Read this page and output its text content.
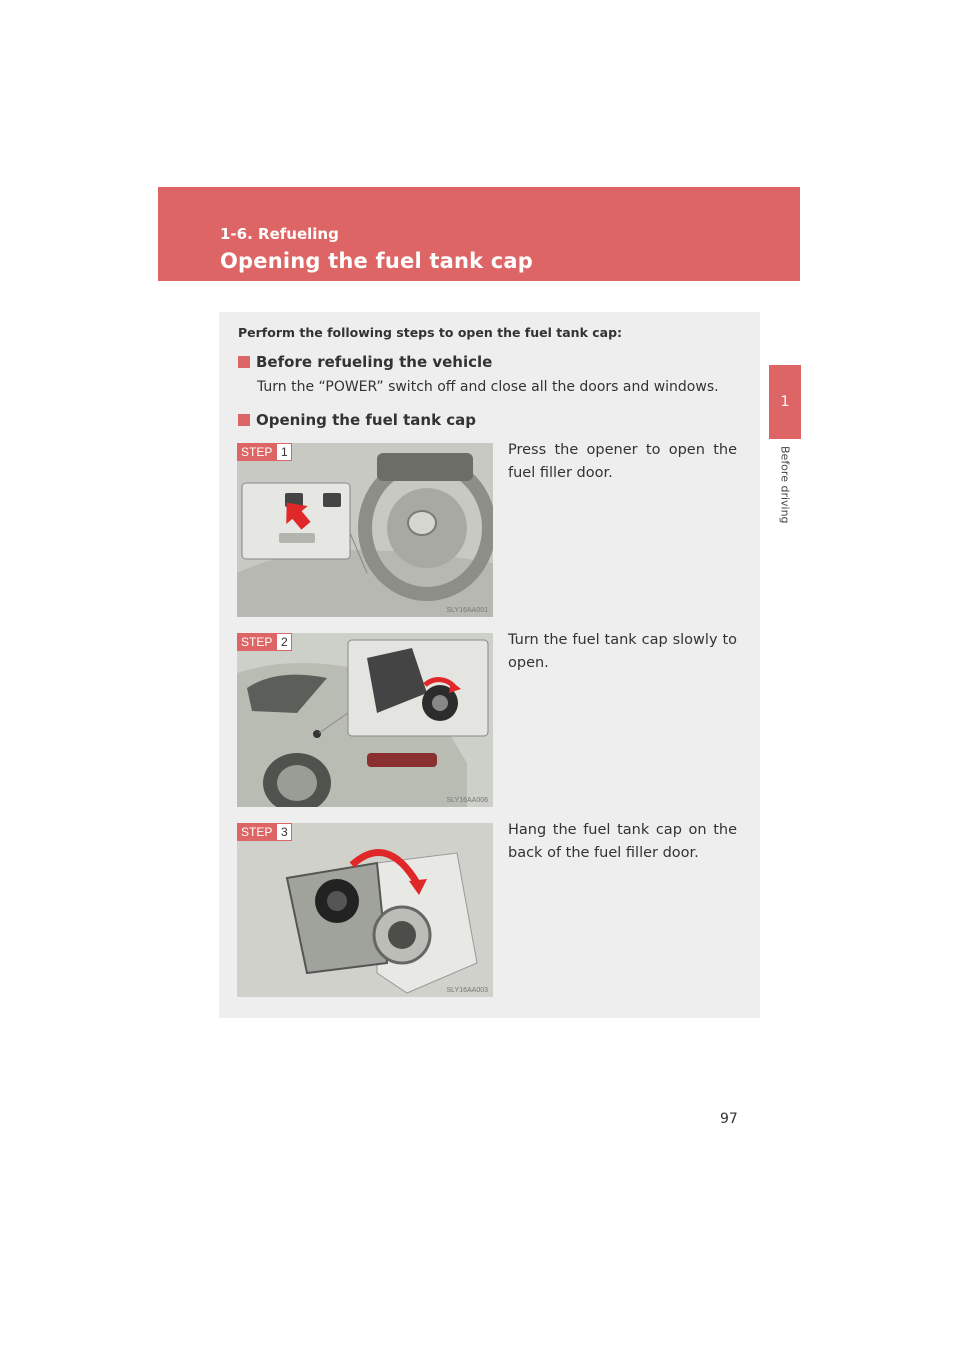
1-6. Refueling
Opening the fuel tank cap
1
Before driving
Perform the following steps to open the fuel tank cap:
Before refueling the vehicle
Turn the “POWER” switch off and close all the doors and windows.
Opening the fuel tank cap
STEP 1
SLY16AA001
Press the opener to open the fuel filler door.
STEP 2
SLY16AA006
Turn the fuel tank cap slowly to open.
STEP 3
SLY16AA003
Hang the fuel tank cap on the back of the fuel filler door.
97
